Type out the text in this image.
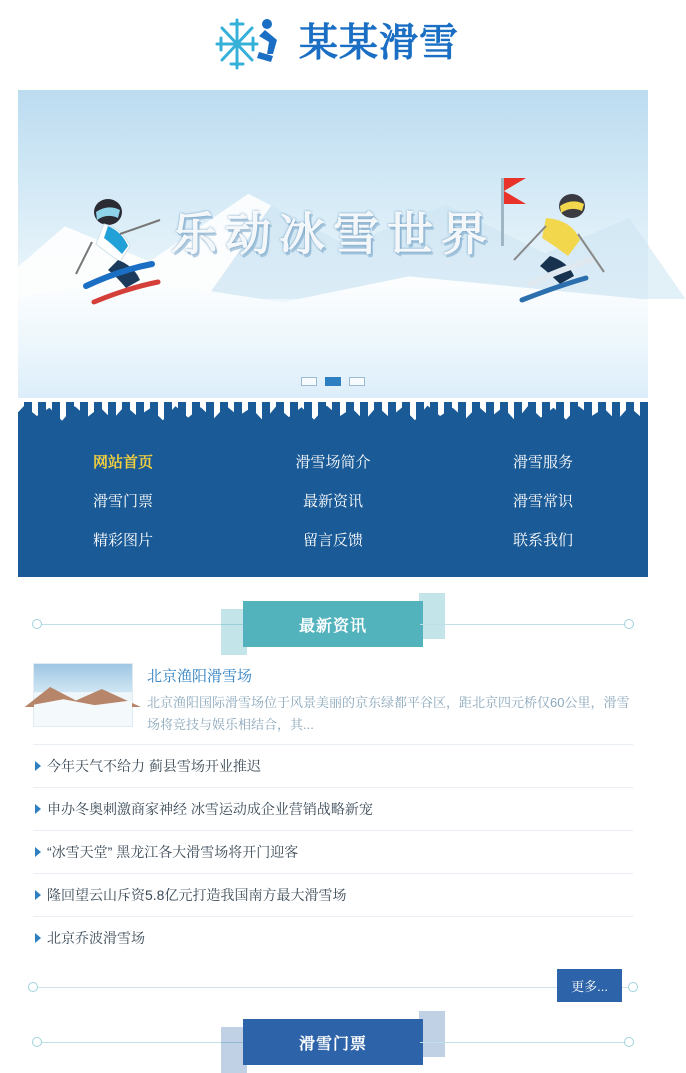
某某滑雪
乐动冰雪世界
网站首页	滑雪场简介	滑雪服务
滑雪门票	最新资讯	滑雪常识
精彩图片	留言反馈	联系我们
最新资讯
北京渔阳滑雪场
北京渔阳国际滑雪场位于风景美丽的京东绿都平谷区，距北京四元桥仅60公里，滑雪场将竞技与娱乐相结合，其...
今年天气不给力 蓟县雪场开业推迟
申办冬奥刺激商家神经 冰雪运动成企业营销战略新宠
“冰雪天堂” 黑龙江各大滑雪场将开门迎客
隆回望云山斥资5.8亿元打造我国南方最大滑雪场
北京乔波滑雪场
更多...
滑雪门票
